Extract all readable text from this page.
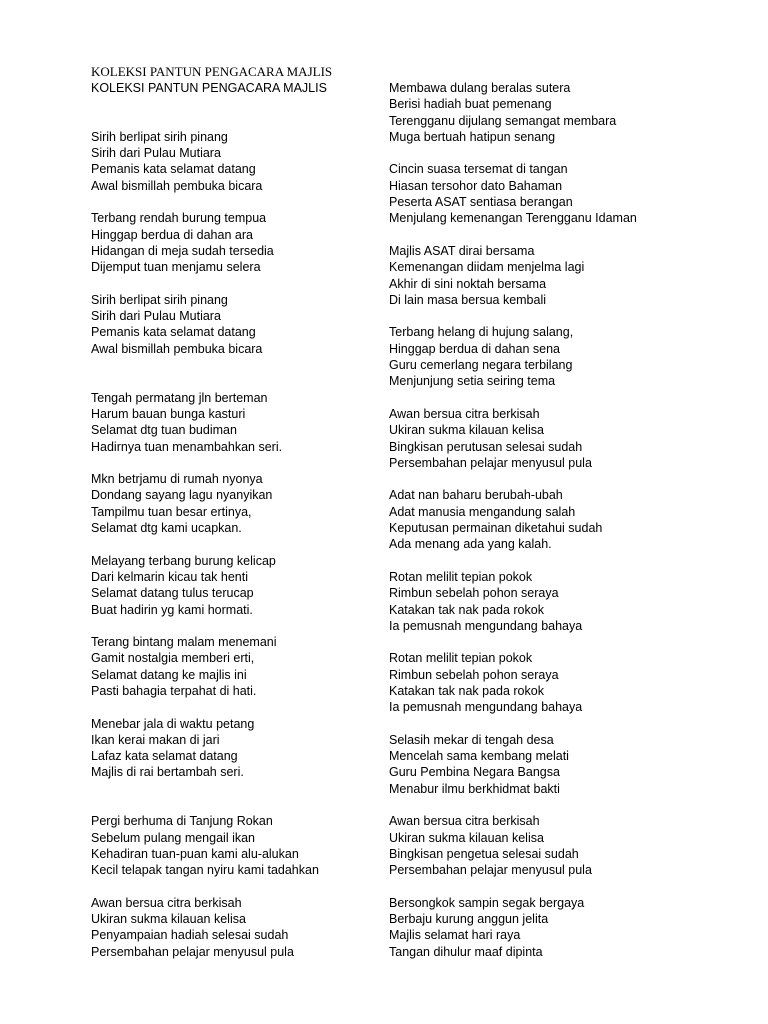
KOLEKSI PANTUN PENGACARA MAJLIS
KOLEKSI PANTUN PENGACARA MAJLIS
Sirih berlipat sirih pinang
Sirih dari Pulau Mutiara
Pemanis kata selamat datang
Awal bismillah pembuka bicara
Terbang rendah burung tempua
Hinggap berdua di dahan ara
Hidangan di meja sudah tersedia
Dijemput tuan menjamu selera
Sirih berlipat sirih pinang
Sirih dari Pulau Mutiara
Pemanis kata selamat datang
Awal bismillah pembuka bicara
Tengah permatang jln berteman
Harum bauan bunga kasturi
Selamat dtg tuan budiman
Hadirnya tuan menambahkan seri.
Mkn betrjamu di rumah nyonya
Dondang sayang lagu nyanyikan
Tampilmu tuan besar ertinya,
Selamat dtg kami ucapkan.
Melayang terbang burung kelicap
Dari kelmarin kicau tak henti
Selamat datang tulus terucap
Buat hadirin yg kami hormati.
Terang bintang malam menemani
Gamit nostalgia memberi erti,
Selamat datang ke majlis ini
Pasti bahagia terpahat di hati.
Menebar jala di waktu petang
Ikan kerai makan di jari
Lafaz kata selamat datang
Majlis di rai bertambah seri.
Pergi berhuma di Tanjung Rokan
Sebelum pulang mengail ikan
Kehadiran tuan-puan kami alu-alukan
Kecil telapak tangan nyiru kami tadahkan
Awan bersua citra berkisah
Ukiran sukma kilauan kelisa
Penyampaian hadiah selesai sudah
Persembahan pelajar menyusul pula
Membawa dulang beralas sutera
Berisi hadiah buat pemenang
Terengganu dijulang semangat membara
Muga bertuah hatipun senang
Cincin suasa tersemat di tangan
Hiasan tersohor dato Bahaman
Peserta ASAT sentiasa berangan
Menjulang kemenangan Terengganu Idaman
Majlis ASAT dirai bersama
Kemenangan diidam menjelma lagi
Akhir di sini noktah bersama
Di lain masa bersua kembali
Terbang helang di hujung salang,
Hinggap berdua di dahan sena
Guru cemerlang negara terbilang
Menjunjung setia seiring tema
Awan bersua citra berkisah
Ukiran sukma kilauan kelisa
Bingkisan perutusan selesai sudah
Persembahan pelajar menyusul pula
Adat nan baharu berubah-ubah
Adat manusia mengandung salah
Keputusan permainan diketahui sudah
Ada menang ada yang kalah.
Rotan melilit tepian pokok
Rimbun sebelah pohon seraya
Katakan tak nak pada rokok
Ia pemusnah mengundang bahaya
Rotan melilit tepian pokok
Rimbun sebelah pohon seraya
Katakan tak nak pada rokok
Ia pemusnah mengundang bahaya
Selasih mekar di tengah desa
Mencelah sama kembang melati
Guru Pembina Negara Bangsa
Menabur ilmu berkhidmat bakti
Awan bersua citra berkisah
Ukiran sukma kilauan kelisa
Bingkisan pengetua selesai sudah
Persembahan pelajar menyusul pula
Bersongkok sampin segak bergaya
Berbaju kurung anggun jelita
Majlis selamat hari raya
Tangan dihulur maaf dipinta
